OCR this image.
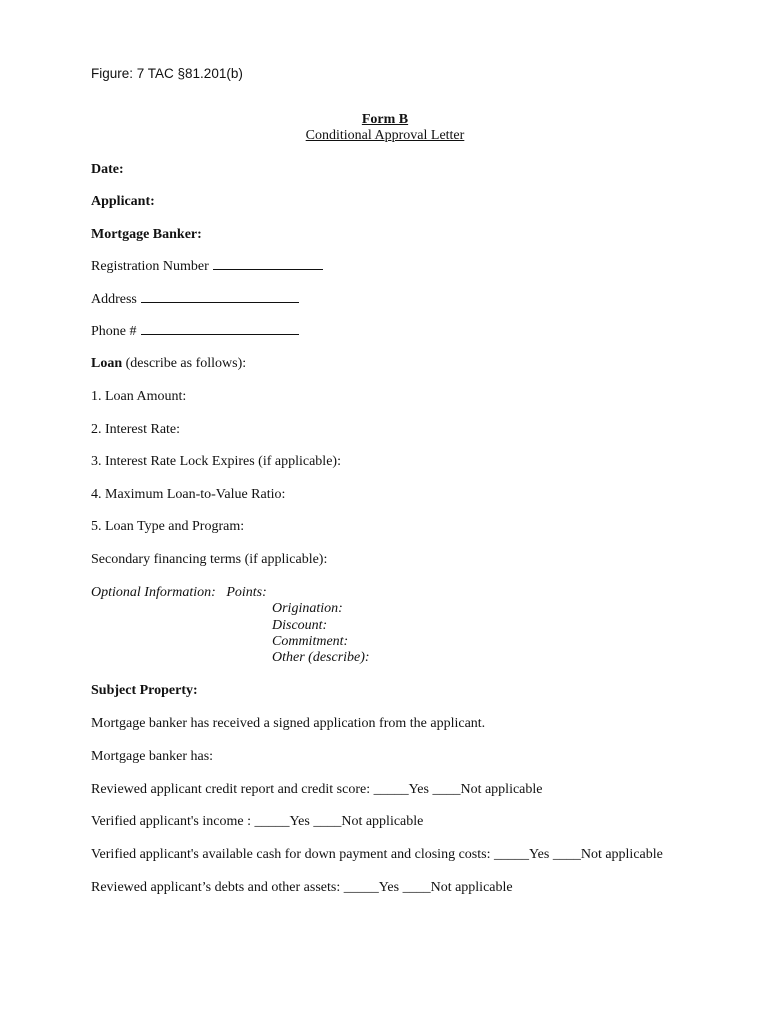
Figure: 7 TAC §81.201(b)
Form B
Conditional Approval Letter
Date:
Applicant:
Mortgage Banker:
Registration Number
Address
Phone #
Loan (describe as follows):
1. Loan Amount:
2. Interest Rate:
3. Interest Rate Lock Expires (if applicable):
4. Maximum Loan-to-Value Ratio:
5. Loan Type and Program:
Secondary financing terms (if applicable):
Optional Information: Points:
Origination:
Discount:
Commitment:
Other (describe):
Subject Property:
Mortgage banker has received a signed application from the applicant.
Mortgage banker has:
Reviewed applicant credit report and credit score: _____Yes ____Not applicable
Verified applicant's income : _____Yes ____Not applicable
Verified applicant's available cash for down payment and closing costs: _____Yes ____Not applicable
Reviewed applicant’s debts and other assets: _____Yes ____Not applicable
